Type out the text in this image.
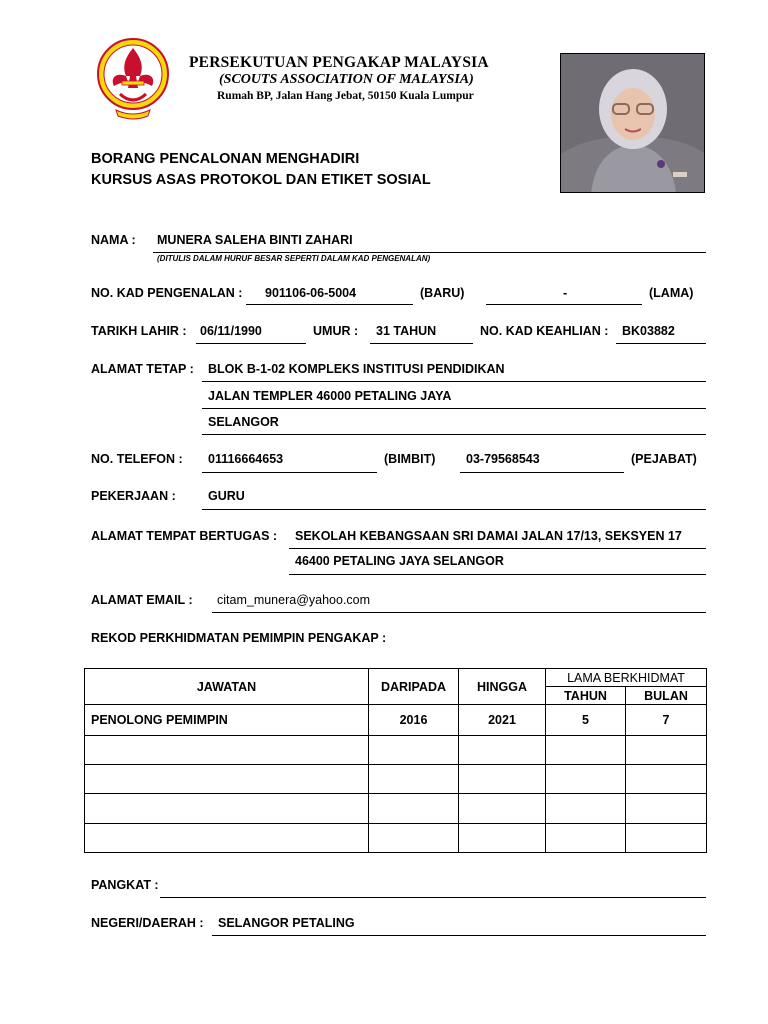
PERSEKUTUAN PENGAKAP MALAYSIA
(SCOUTS ASSOCIATION OF MALAYSIA)
Rumah BP, Jalan Hang Jebat, 50150 Kuala Lumpur
BORANG PENCALONAN MENGHADIRI
KURSUS ASAS PROTOKOL DAN ETIKET SOSIAL
NAMA : MUNERA SALEHA BINTI ZAHARI
(DITULIS DALAM HURUF BESAR SEPERTI DALAM KAD PENGENALAN)
NO. KAD PENGENALAN : 901106-06-5004	(BARU)	-	(LAMA)
TARIKH LAHIR : 06/11/1990	UMUR : 31 TAHUN	NO. KAD KEAHLIAN : BK03882
ALAMAT TETAP : BLOK B-1-02 KOMPLEKS INSTITUSI PENDIDIKAN
JALAN TEMPLER 46000 PETALING JAYA
SELANGOR
NO. TELEFON : 01116664653	(BIMBIT) 03-79568543	(PEJABAT)
PEKERJAAN :	GURU
ALAMAT TEMPAT BERTUGAS : SEKOLAH KEBANGSAAN SRI DAMAI JALAN 17/13, SEKSYEN 17
46400 PETALING JAYA SELANGOR
ALAMAT EMAIL : citam_munera@yahoo.com
REKOD PERKHIDMATAN PEMIMPIN PENGAKAP :
JAWATAN	DARIPADA	HINGGA	LAMA BERKHIDMAT	
			TAHUN	BULAN
PENOLONG PEMIMPIN	2016	2021	5	7

PANGKAT :
NEGERI/DAERAH : SELANGOR PETALING
